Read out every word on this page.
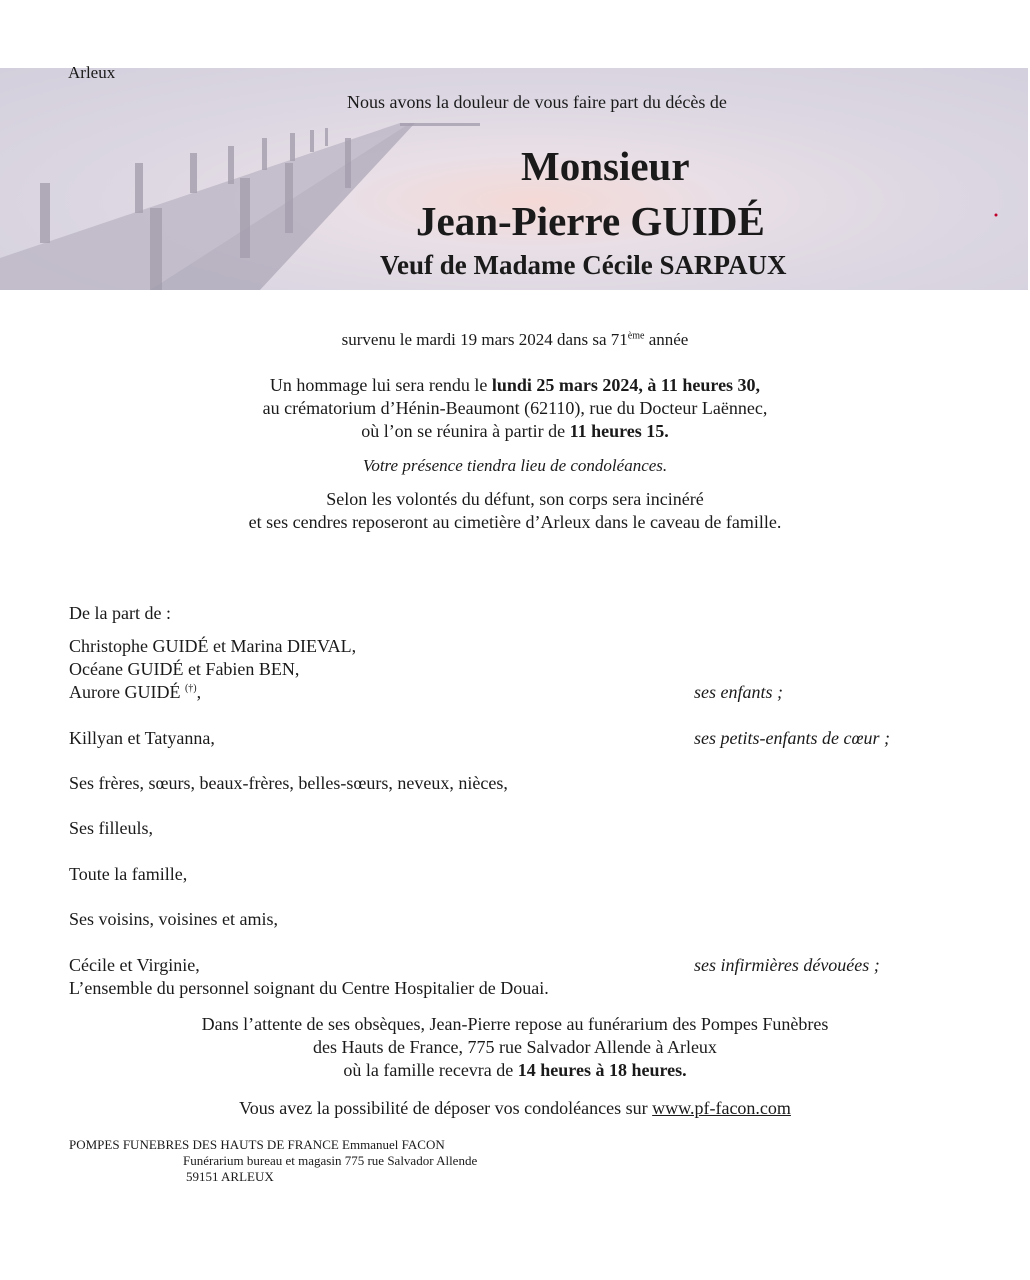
Arleux
Nous avons la douleur de vous faire part du décès de
Monsieur
Jean-Pierre GUIDÉ
Veuf de Madame Cécile SARPAUX
survenu le mardi 19 mars 2024 dans sa 71ème année
Un hommage lui sera rendu le lundi 25 mars 2024, à 11 heures 30,
au crématorium d’Hénin-Beaumont (62110), rue du Docteur Laënnec,
où l’on se réunira à partir de 11 heures 15.
Votre présence tiendra lieu de condoléances.
Selon les volontés du défunt, son corps sera incinéré
et ses cendres reposeront au cimetière d’Arleux dans le caveau de famille.
De la part de :
Christophe GUIDÉ et Marina DIEVAL,
Océane GUIDÉ et Fabien BEN,
Aurore GUIDÉ (†),	ses enfants ;
Killyan et Tatyanna,	ses petits-enfants de cœur ;
Ses frères, sœurs, beaux-frères, belles-sœurs, neveux, nièces,
Ses filleuls,
Toute la famille,
Ses voisins, voisines et amis,
Cécile et Virginie,	ses infirmières dévouées ;
L’ensemble du personnel soignant du Centre Hospitalier de Douai.
Dans l’attente de ses obsèques, Jean-Pierre repose au funérarium des Pompes Funèbres
des Hauts de France, 775 rue Salvador Allende à Arleux
où la famille recevra de 14 heures à 18 heures.
Vous avez la possibilité de déposer vos condoléances sur www.pf-facon.com
POMPES FUNEBRES DES HAUTS DE FRANCE Emmanuel FACON
Funérarium bureau et magasin 775 rue Salvador Allende
59151 ARLEUX
